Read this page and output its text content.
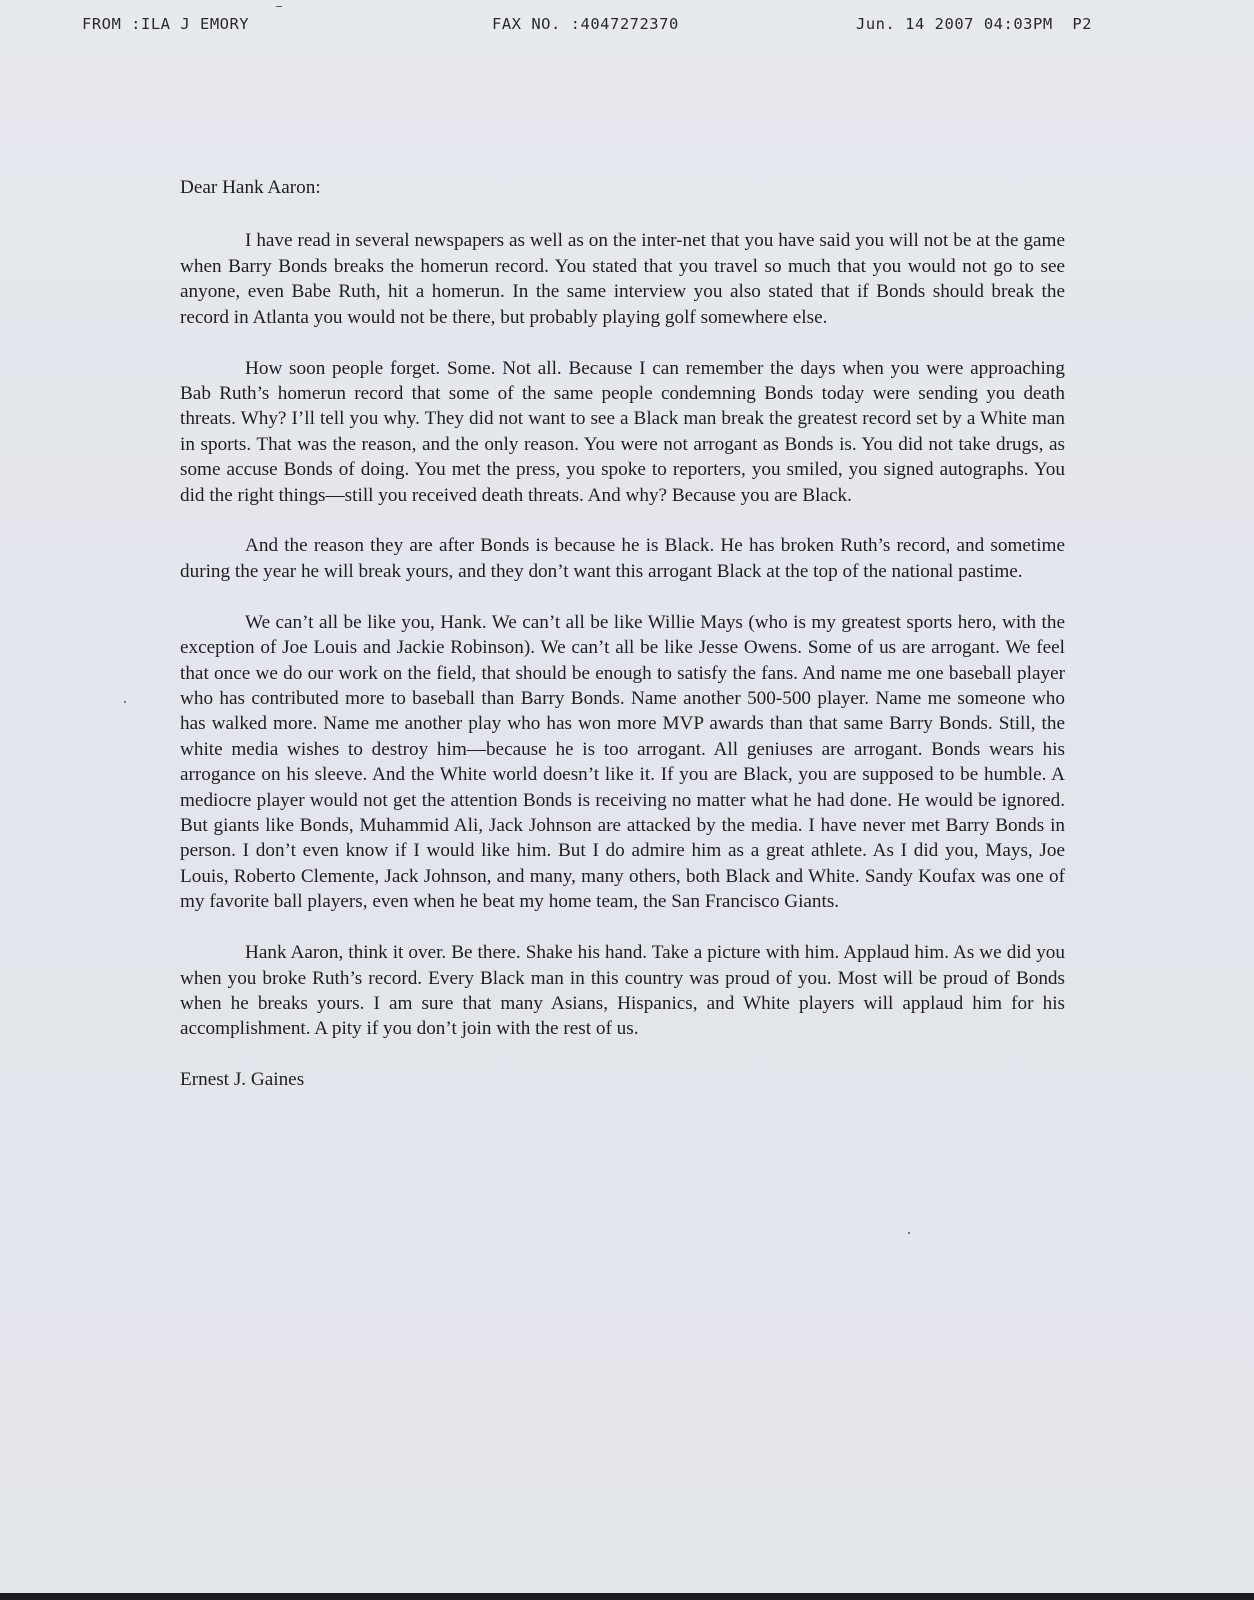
FROM :ILA J EMORY	FAX NO. :4047272370	Jun. 14 2007 04:03PM P2

Dear Hank Aaron:

I have read in several newspapers as well as on the inter-net that you have said you will not be at the game when Barry Bonds breaks the homerun record. You stated that you travel so much that you would not go to see anyone, even Babe Ruth, hit a homerun. In the same interview you also stated that if Bonds should break the record in Atlanta you would not be there, but probably playing golf somewhere else.

How soon people forget. Some. Not all. Because I can remember the days when you were approaching Bab Ruth’s homerun record that some of the same people condemning Bonds today were sending you death threats. Why? I’ll tell you why. They did not want to see a Black man break the greatest record set by a White man in sports. That was the reason, and the only reason. You were not arrogant as Bonds is. You did not take drugs, as some accuse Bonds of doing. You met the press, you spoke to reporters, you smiled, you signed autographs. You did the right things—still you received death threats. And why? Because you are Black.

And the reason they are after Bonds is because he is Black. He has broken Ruth’s record, and sometime during the year he will break yours, and they don’t want this arrogant Black at the top of the national pastime.

We can’t all be like you, Hank. We can’t all be like Willie Mays (who is my greatest sports hero, with the exception of Joe Louis and Jackie Robinson). We can’t all be like Jesse Owens. Some of us are arrogant. We feel that once we do our work on the field, that should be enough to satisfy the fans. And name me one baseball player who has contributed more to baseball than Barry Bonds. Name another 500-500 player. Name me someone who has walked more. Name me another play who has won more MVP awards than that same Barry Bonds. Still, the white media wishes to destroy him—because he is too arrogant. All geniuses are arrogant. Bonds wears his arrogance on his sleeve. And the White world doesn’t like it. If you are Black, you are supposed to be humble. A mediocre player would not get the attention Bonds is receiving no matter what he had done. He would be ignored. But giants like Bonds, Muhammid Ali, Jack Johnson are attacked by the media. I have never met Barry Bonds in person. I don’t even know if I would like him. But I do admire him as a great athlete. As I did you, Mays, Joe Louis, Roberto Clemente, Jack Johnson, and many, many others, both Black and White. Sandy Koufax was one of my favorite ball players, even when he beat my home team, the San Francisco Giants.

Hank Aaron, think it over. Be there. Shake his hand. Take a picture with him. Applaud him. As we did you when you broke Ruth’s record. Every Black man in this country was proud of you. Most will be proud of Bonds when he breaks yours. I am sure that many Asians, Hispanics, and White players will applaud him for his accomplishment. A pity if you don’t join with the rest of us.

Ernest J. Gaines
